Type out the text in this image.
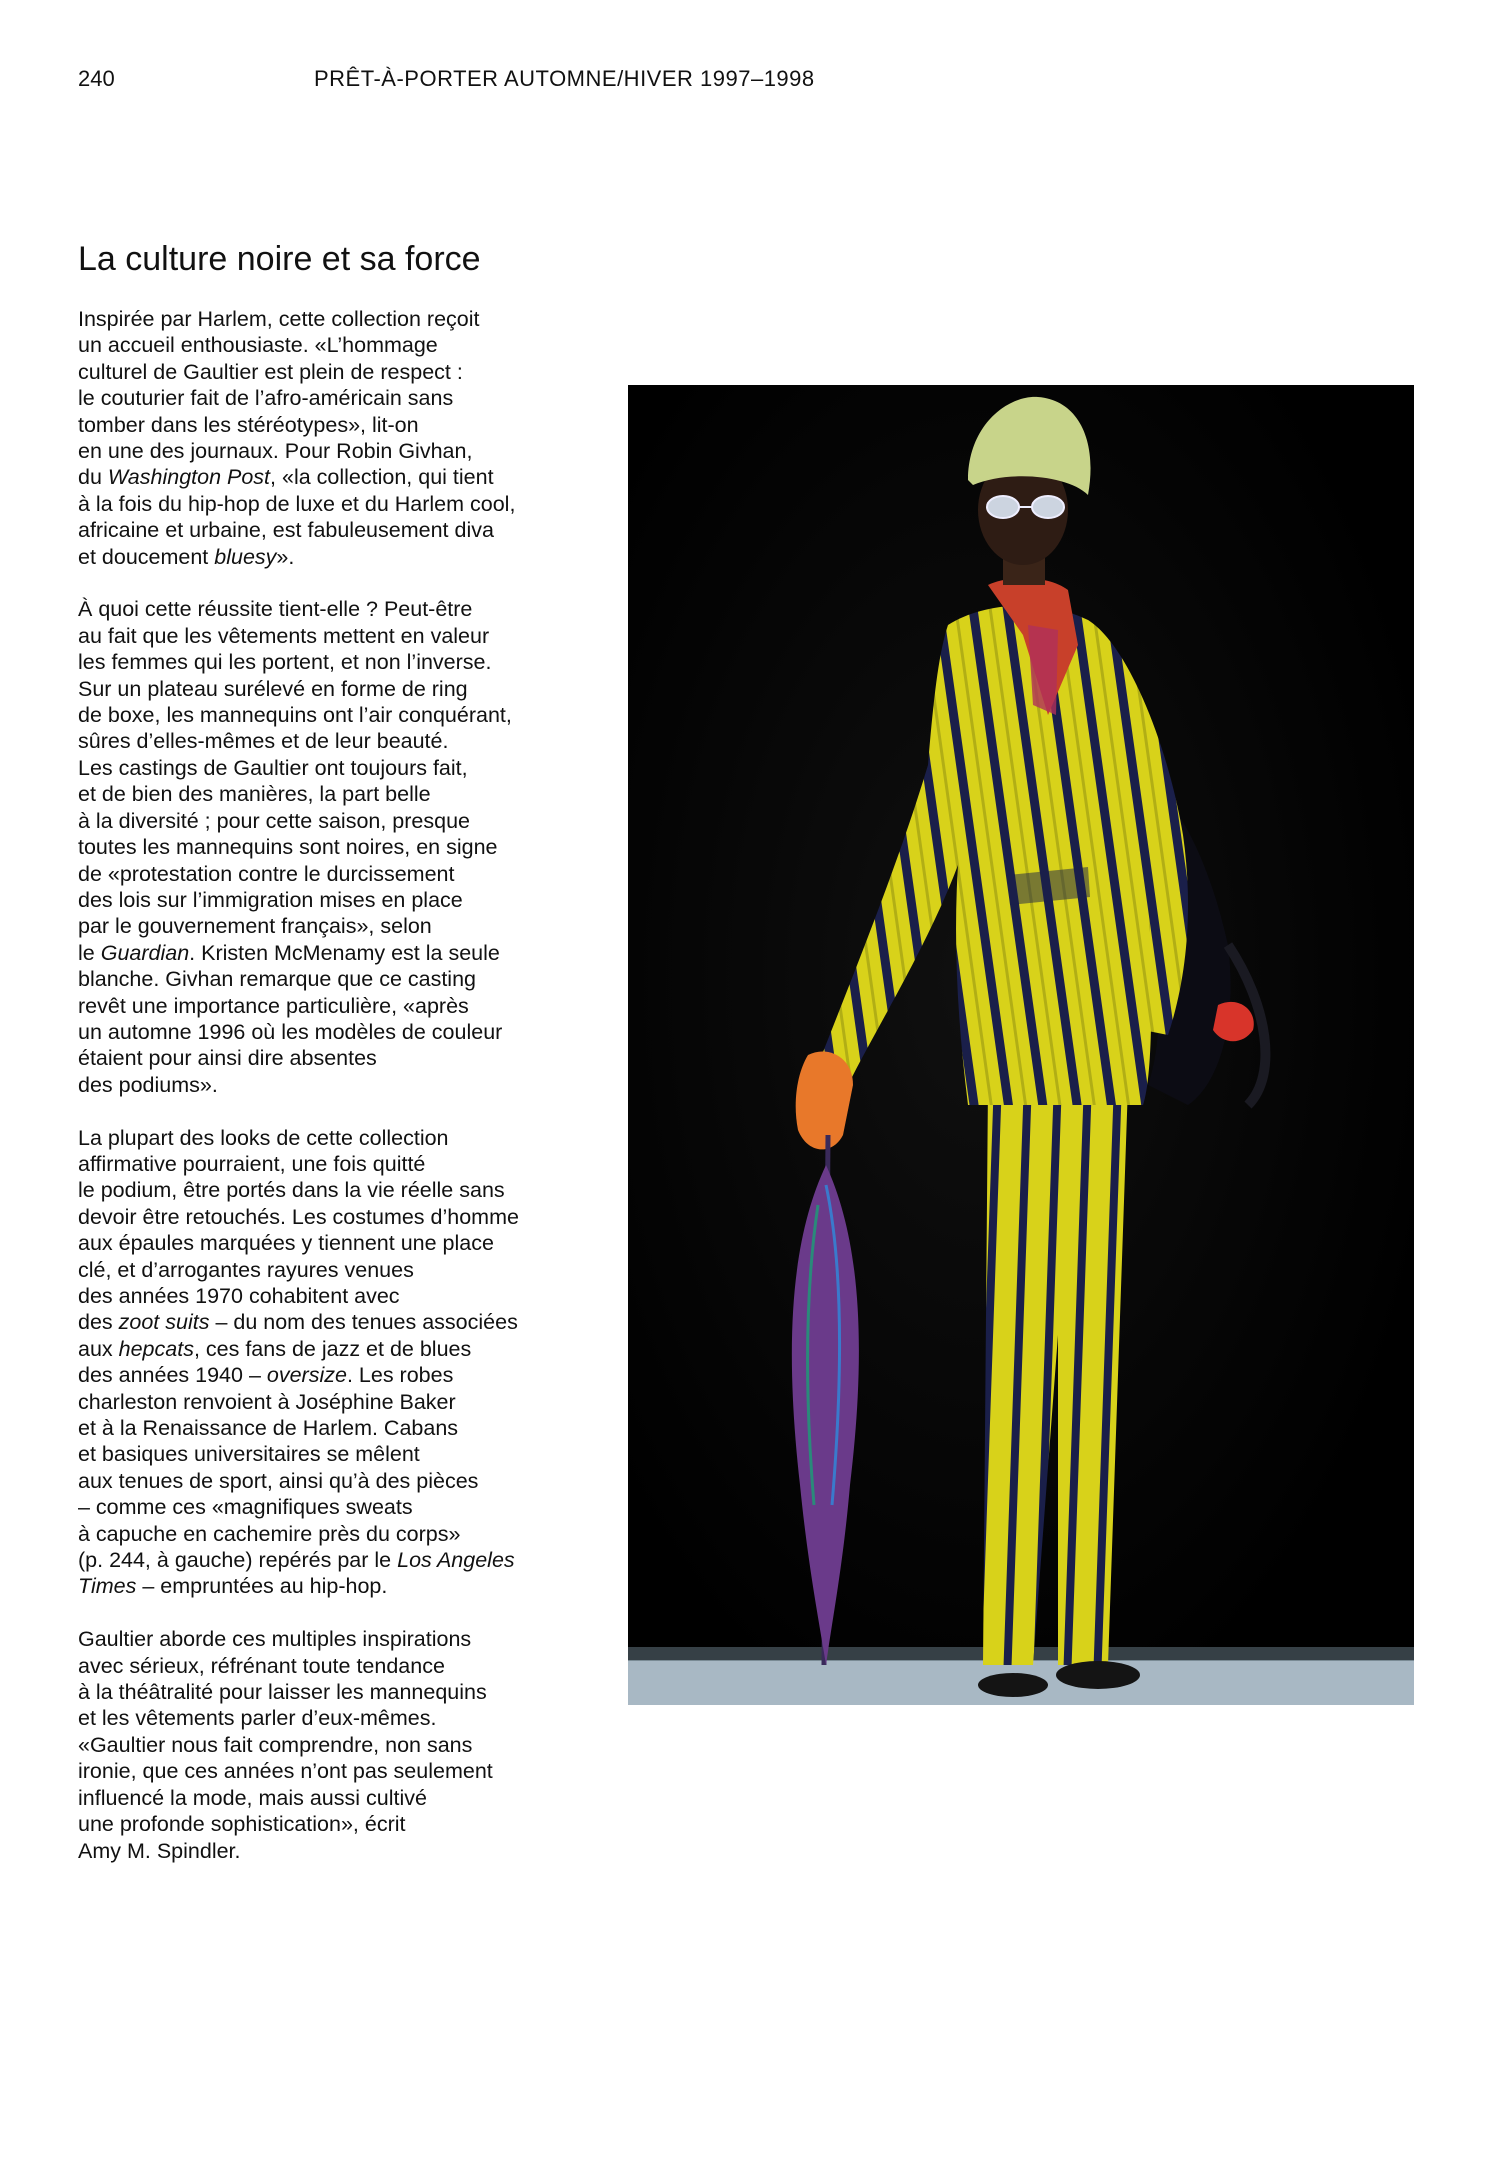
240	PRÊT-À-PORTER AUTOMNE/HIVER 1997–1998
La culture noire et sa force

Inspirée par Harlem, cette collection reçoit
un accueil enthousiaste. «L’hommage
culturel de Gaultier est plein de respect :
le couturier fait de l’afro-américain sans
tomber dans les stéréotypes», lit-on
en une des journaux. Pour Robin Givhan,
du Washington Post, «la collection, qui tient
à la fois du hip-hop de luxe et du Harlem cool,
africaine et urbaine, est fabuleusement diva
et doucement bluesy».

À quoi cette réussite tient-elle ? Peut-être
au fait que les vêtements mettent en valeur
les femmes qui les portent, et non l’inverse.
Sur un plateau surélevé en forme de ring
de boxe, les mannequins ont l’air conquérant,
sûres d’elles-mêmes et de leur beauté.
Les castings de Gaultier ont toujours fait,
et de bien des manières, la part belle
à la diversité ; pour cette saison, presque
toutes les mannequins sont noires, en signe
de «protestation contre le durcissement
des lois sur l’immigration mises en place
par le gouvernement français», selon
le Guardian. Kristen McMenamy est la seule
blanche. Givhan remarque que ce casting
revêt une importance particulière, «après
un automne 1996 où les modèles de couleur
étaient pour ainsi dire absentes
des podiums».

La plupart des looks de cette collection
affirmative pourraient, une fois quitté
le podium, être portés dans la vie réelle sans
devoir être retouchés. Les costumes d’homme
aux épaules marquées y tiennent une place
clé, et d’arrogantes rayures venues
des années 1970 cohabitent avec
des zoot suits – du nom des tenues associées
aux hepcats, ces fans de jazz et de blues
des années 1940 – oversize. Les robes
charleston renvoient à Joséphine Baker
et à la Renaissance de Harlem. Cabans
et basiques universitaires se mêlent
aux tenues de sport, ainsi qu’à des pièces
– comme ces «magnifiques sweats
à capuche en cachemire près du corps»
(p. 244, à gauche) repérés par le Los Angeles
Times – empruntées au hip-hop.

Gaultier aborde ces multiples inspirations
avec sérieux, réfrénant toute tendance
à la théâtralité pour laisser les mannequins
et les vêtements parler d’eux-mêmes.
«Gaultier nous fait comprendre, non sans
ironie, que ces années n’ont pas seulement
influencé la mode, mais aussi cultivé
une profonde sophistication», écrit
Amy M. Spindler.
